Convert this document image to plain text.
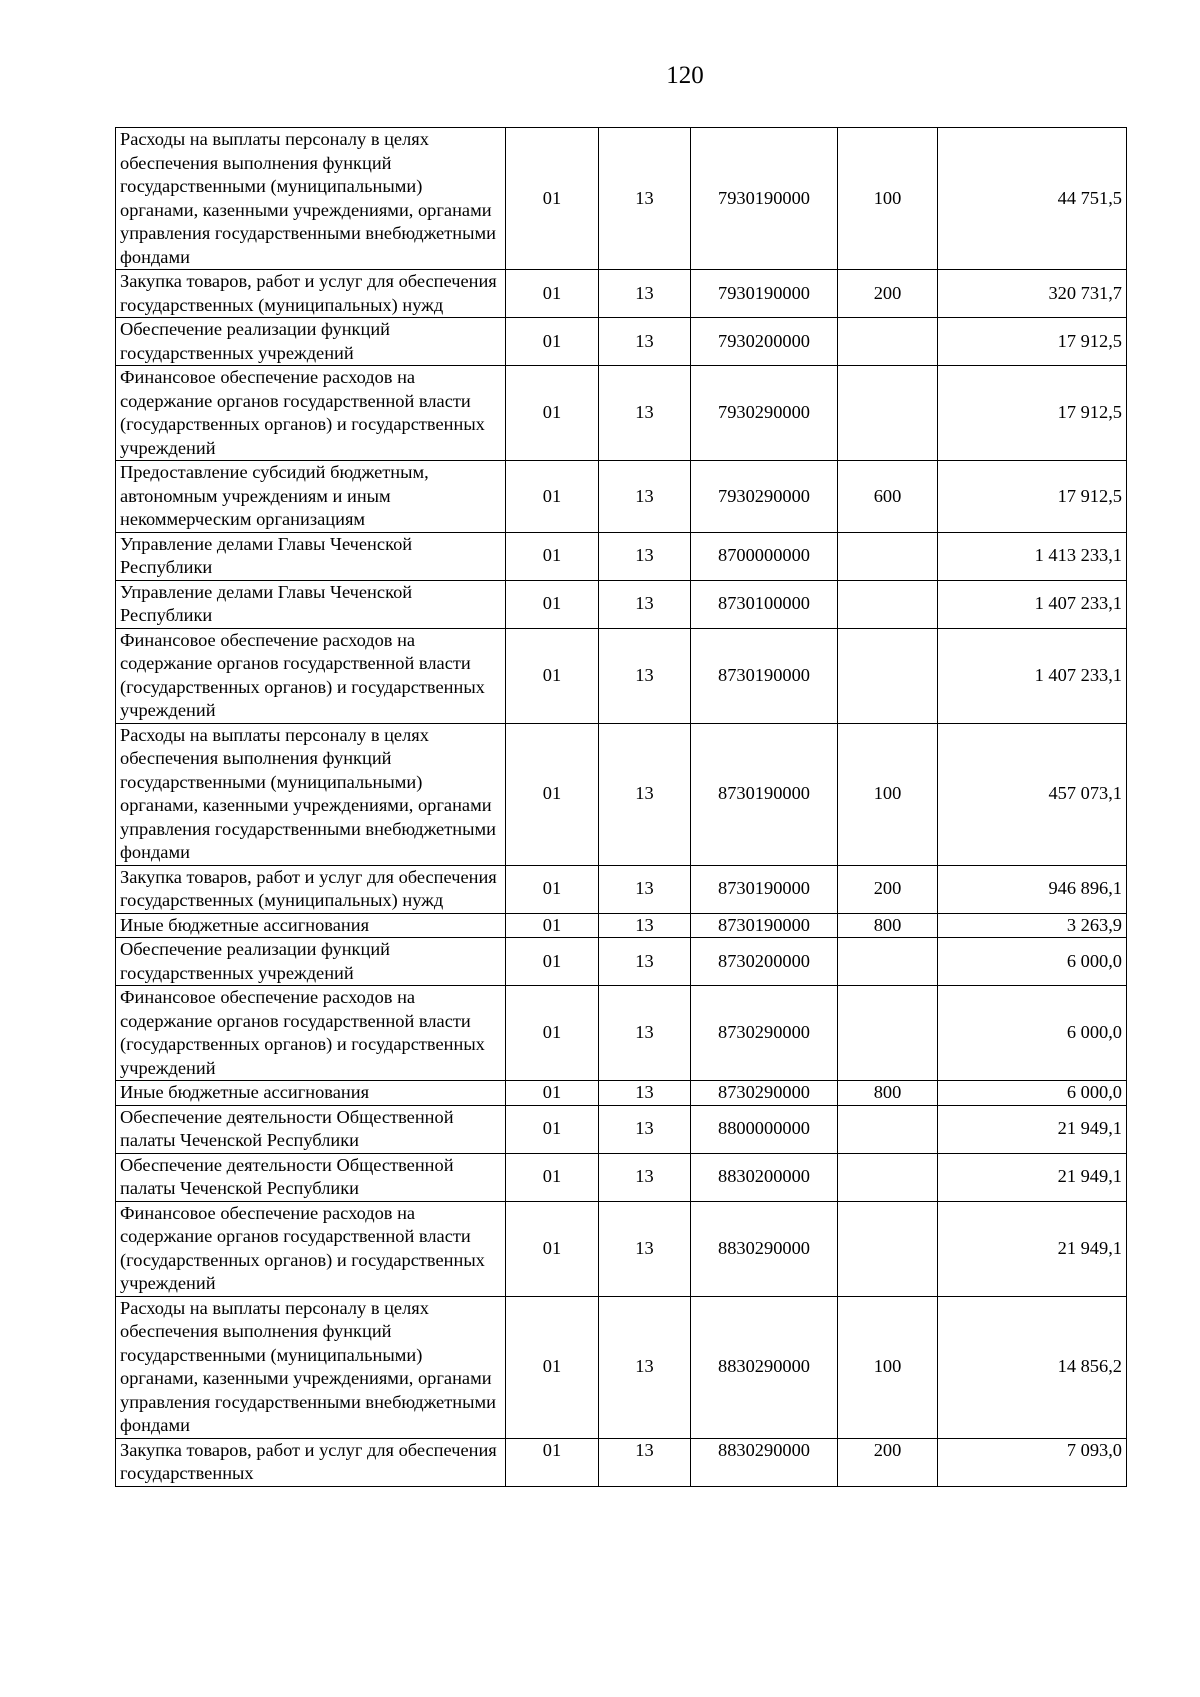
120
Расходы на выплаты персоналу в целях обеспечения выполнения функций государственными (муниципальными) органами, казенными учреждениями, органами управления государственными внебюджетными фондами	01	13	7930190000	100	44 751,5
Закупка товаров, работ и услуг для обеспечения государственных (муниципальных) нужд	01	13	7930190000	200	320 731,7
Обеспечение реализации функций государственных учреждений	01	13	7930200000		17 912,5
Финансовое обеспечение расходов на содержание органов государственной власти (государственных органов) и государственных учреждений	01	13	7930290000		17 912,5
Предоставление субсидий бюджетным, автономным учреждениям и иным некоммерческим организациям	01	13	7930290000	600	17 912,5
Управление делами Главы Чеченской Республики	01	13	8700000000		1 413 233,1
Управление делами Главы Чеченской Республики	01	13	8730100000		1 407 233,1
Финансовое обеспечение расходов на содержание органов государственной власти (государственных органов) и государственных учреждений	01	13	8730190000		1 407 233,1
Расходы на выплаты персоналу в целях обеспечения выполнения функций государственными (муниципальными) органами, казенными учреждениями, органами управления государственными внебюджетными фондами	01	13	8730190000	100	457 073,1
Закупка товаров, работ и услуг для обеспечения государственных (муниципальных) нужд	01	13	8730190000	200	946 896,1
Иные бюджетные ассигнования	01	13	8730190000	800	3 263,9
Обеспечение реализации функций государственных учреждений	01	13	8730200000		6 000,0
Финансовое обеспечение расходов на содержание органов государственной власти (государственных органов) и государственных учреждений	01	13	8730290000		6 000,0
Иные бюджетные ассигнования	01	13	8730290000	800	6 000,0
Обеспечение деятельности Общественной палаты Чеченской Республики	01	13	8800000000		21 949,1
Обеспечение деятельности Общественной палаты Чеченской Республики	01	13	8830200000		21 949,1
Финансовое обеспечение расходов на содержание органов государственной власти (государственных органов) и государственных учреждений	01	13	8830290000		21 949,1
Расходы на выплаты персоналу в целях обеспечения выполнения функций государственными (муниципальными) органами, казенными учреждениями, органами управления государственными внебюджетными фондами	01	13	8830290000	100	14 856,2
Закупка товаров, работ и услуг для обеспечения государственных	01	13	8830290000	200	7 093,0
